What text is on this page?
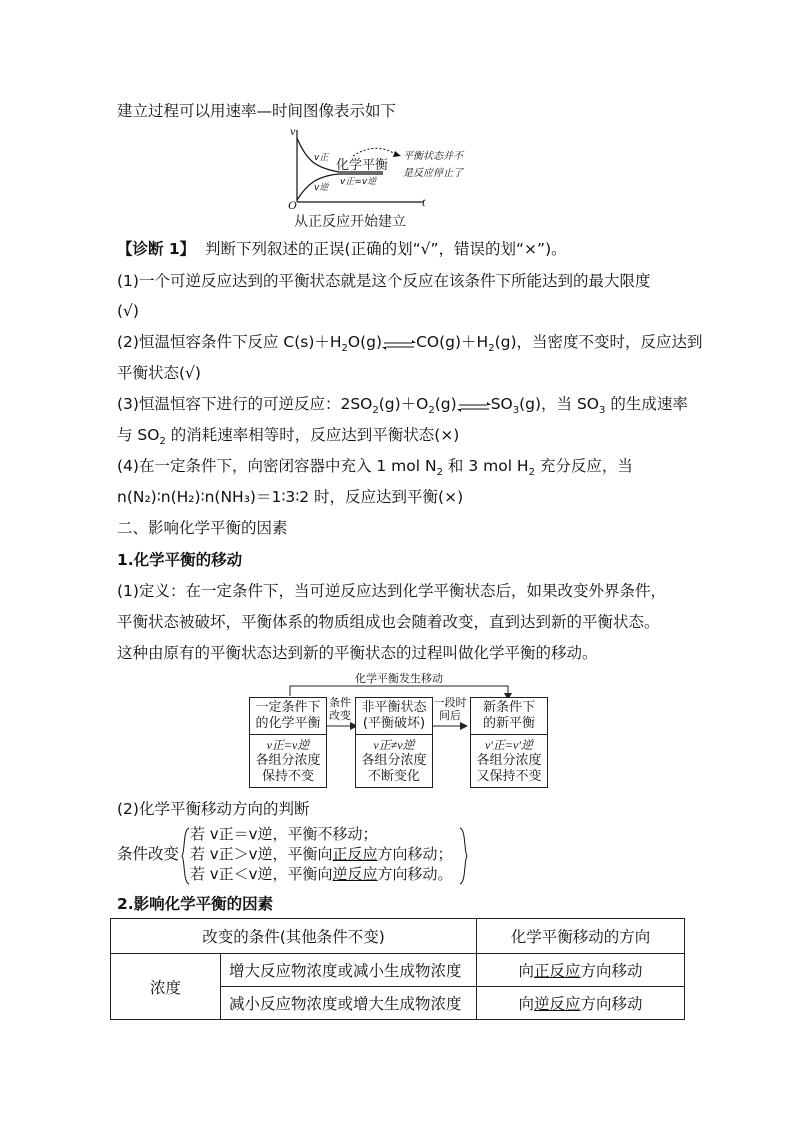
建立过程可以用速率—时间图像表示如下
v
t
O
v正
v逆
化学平衡
v正=v逆
平衡状态并不
是反应停止了
从正反应开始建立
【诊断 1】 判断下列叙述的正误(正确的划“√”，错误的划“×”)。
(1)一个可逆反应达到的平衡状态就是这个反应在该条件下所能达到的最大限度
(√)
(2)恒温恒容条件下反应 $C(s)+H_2O(g)$ $CO(g)+H_2(g)$，当密度不变时，反应达到
平衡状态(√)
(3)恒温恒容下进行的可逆反应：$2SO_2(g)+O_2(g)$ $SO_3(g)$，当 $SO_3$ 的生成速率
与 $SO_2$ 的消耗速率相等时，反应达到平衡状态(×)
(4)在一定条件下，向密闭容器中充入 1 mol $N_2$ 和 3 mol $H_2$ 充分反应，当
n(N₂)∶n(H₂)∶n(NH₃)＝1∶3∶2 时，反应达到平衡(×)
二、影响化学平衡的因素
1.化学平衡的移动
(1)定义：在一定条件下，当可逆反应达到化学平衡状态后，如果改变外界条件，
平衡状态被破坏，平衡体系的物质组成也会随着改变，直到达到新的平衡状态。
这种由原有的平衡状态达到新的平衡状态的过程叫做化学平衡的移动。
化学平衡发生移动
条件
改变
一段时
间后
一定条件下
的化学平衡
v正=v逆
各组分浓度
保持不变
非平衡状态
(平衡破坏)
v正≠v逆
各组分浓度
不断变化
新条件下
的新平衡
v′正=v′逆
各组分浓度
又保持不变
(2)化学平衡移动方向的判断
条件改变
若 v正＝v逆，平衡不移动；
若 v正＞v逆，平衡向正反应方向移动；
若 v正＜v逆，平衡向逆反应方向移动。
2.影响化学平衡的因素
改变的条件(其他条件不变)		化学平衡移动的方向
浓度	增大反应物浓度或减小生成物浓度	向正反应方向移动
	减小反应物浓度或增大生成物浓度	向逆反应方向移动
